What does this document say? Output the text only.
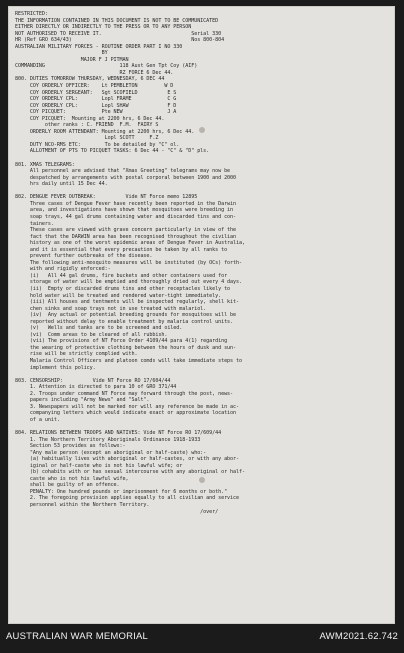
RESTRICTED:
THE INFORMATION CONTAINED IN THIS DOCUMENT IS NOT TO BE COMMUNICATED
EITHER DIRECTLY OR INDIRECTLY TO THE PRESS OR TO ANY PERSON
NOT AUTHORISED TO RECEIVE IT.                              Serial 330
HR (Ref GRO 634/43)                                        Nos 800-804
AUSTRALIAN MILITARY FORCES - ROUTINE ORDER PART I NO 330
BY
MAJOR F J PITMAN
COMMANDING                         118 Aust Gen Tpt Coy (AIF)
RZ FORCE 6 Dec 44.
800. DUTIES TOMORROW THURSDAY, WEDNESDAY, 6 DEC 44
COY ORDERLY OFFICER:    Lt PEMBLETON         W D
COY ORDERLY SERGEANT:   Sgt SCOFIELD          E S
COY ORDERLY CPL:        Lopl FRAME            C G
COY ORDERLY CPL:        Lopl SHAW             F D
COY PICQUET:            Pte NEW               J A
COY PICQUET:  Mounting at 2200 hrs, 6 Dec 44.
other ranks : C. FRIEND  F.M.  FAIRY S
ORDERLY ROOM ATTENDANT: Mounting at 2200 hrs, 6 Dec 44.
Lopl SCOTT     F.Z
DUTY NCO-RMS ETC:        To be detailed by "C" ol.
ALLOTMENT OF PTS TO PICQUET TASKS: 6 Dec 44 - "C" & "D" pls.
801. XMAS TELEGRAMS:
All personnel are advised that "Xmas Greeting" telegrams may now be
despatched by arrangements with postal corporal between 1900 and 2000
hrs daily until 15 Dec 44.
802. DENGUE FEVER OUTBREAK:          Vide NT Force memo 12895
Three cases of Dengue Fever have recently been reported in the Darwin
area, and investigations have shown that mosquitoes were breeding in
soap trays, 44 gal drums containing water and discarded tins and con-
tainers.
These cases are viewed with grave concern particularly in view of the
fact that the DARWIN area has been recognised throughout the civilian
history as one of the worst epidemic areas of Dengue Fever in Australia,
and it is essential that every precaution be taken by all ranks to
prevent further outbreaks of the disease.
The following anti-mosquito measures will be instituted (by OCs) forth-
with and rigidly enforced:-
(i)   All 44 gal drums, fire buckets and other containers used for
storage of water will be emptied and thoroughly dried out every 4 days.
(ii)  Empty or discarded drums tins and other receptacles likely to
hold water will be treated and rendered water-tight immediately.
(iii) All houses and tentments will be inspected regularly, shell kit-
chen sinks and soap trays not in use treated with malariol.
(iv)  Any actual or potential breeding grounds for mosquitoes will be
reported without delay to enable treatment by malaria control units.
(v)   Wells and tanks are to be screened and oiled.
(vi)  Comm areas to be cleared of all rubbish.
(vii) The provisions of NT Force Order 4109/44 para 4(1) regarding
the wearing of protective clothing between the hours of dusk and sun-
rise will be strictly complied with.
Malaria Control Officers and platoon comds will take immediate steps to
implement this policy.
803. CENSORSHIP:          Vide NT Force RO 17/604/44
1. Attention is directed to para 10 of GRO 371/44
2. Troops under command NT Force may forward through the post, news-
papers including "Army News" and "Salt".
3. Newspapers will not be marked nor will any reference be made in ac-
companying letters which would indicate exact or approximate location
of a unit.
804. RELATIONS BETWEEN TROOPS AND NATIVES: Vide NT Force RO 17/609/44
1. The Northern Territory Aboriginals Ordinance 1918-1933
Section 53 provides as follows:-
"Any male person (except an aboriginal or half-caste) who:-
(a) habitually lives with aboriginal or half-castes, or with any abor-
iginal or half-caste who is not his lawful wife; or
(b) cohabits with or has sexual intercourse with any aboriginal or half-
caste who is not his lawful wife,
shall be guilty of an offence.
PENALTY: One hundred pounds or imprisonment for 6 months or both."
2. The foregoing provision applies equally to all civilian and service
personnel within the Northern Territory.
/over/
AUSTRALIAN WAR MEMORIAL	AWM2021.62.742
